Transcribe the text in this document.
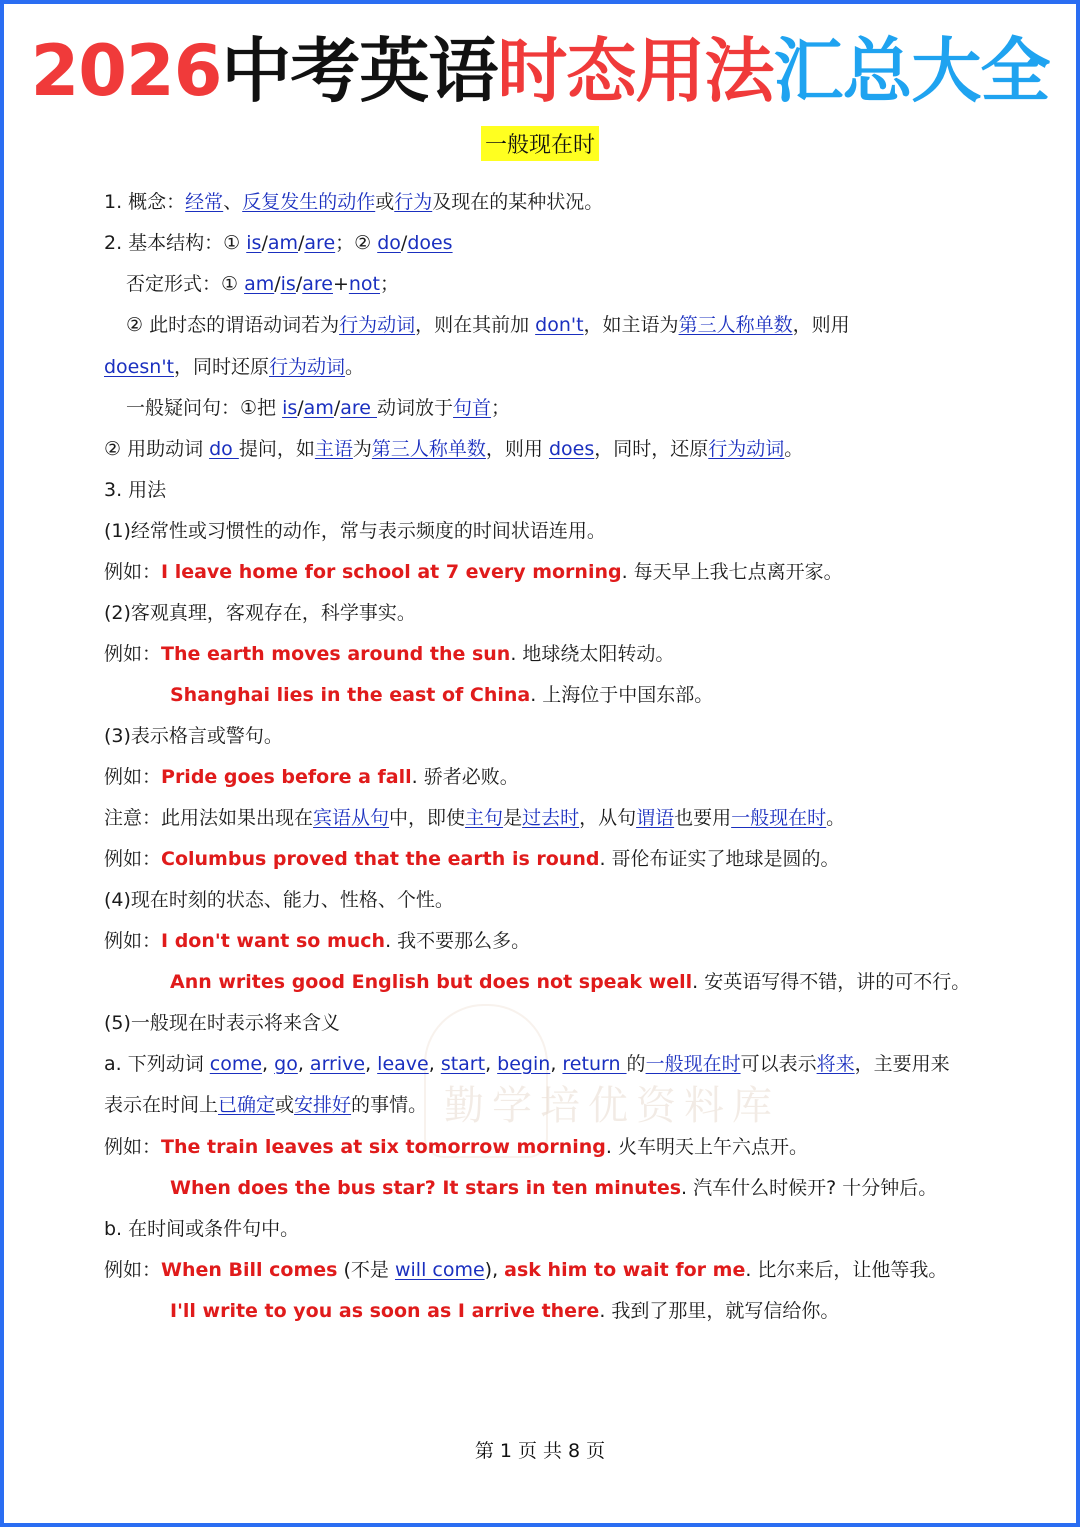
勤学培优资料库
2026中考英语时态用法汇总大全
一般现在时
1. 概念：经常、反复发生的动作或行为及现在的某种状况。
2. 基本结构：① is/am/are；② do/does
否定形式：① am/is/are+not；
② 此时态的谓语动词若为行为动词，则在其前加 don't，如主语为第三人称单数，则用
doesn't，同时还原行为动词。
一般疑问句：①把 is/am/are 动词放于句首；
② 用助动词 do 提问，如主语为第三人称单数，则用 does，同时，还原行为动词。
3. 用法
(1)经常性或习惯性的动作，常与表示频度的时间状语连用。
例如：I leave home for school at 7 every morning. 每天早上我七点离开家。
(2)客观真理，客观存在，科学事实。
例如：The earth moves around the sun. 地球绕太阳转动。
Shanghai lies in the east of China. 上海位于中国东部。
(3)表示格言或警句。
例如：Pride goes before a fall. 骄者必败。
注意：此用法如果出现在宾语从句中，即使主句是过去时，从句谓语也要用一般现在时。
例如：Columbus proved that the earth is round. 哥伦布证实了地球是圆的。
(4)现在时刻的状态、能力、性格、个性。
例如：I don't want so much. 我不要那么多。
Ann writes good English but does not speak well. 安英语写得不错，讲的可不行。
(5)一般现在时表示将来含义
a. 下列动词 come, go, arrive, leave, start, begin, return 的一般现在时可以表示将来，主要用来
表示在时间上已确定或安排好的事情。
例如：The train leaves at six tomorrow morning. 火车明天上午六点开。
When does the bus star? It stars in ten minutes. 汽车什么时候开? 十分钟后。
b. 在时间或条件句中。
例如：When Bill comes (不是 will come), ask him to wait for me. 比尔来后，让他等我。
I'll write to you as soon as I arrive there. 我到了那里，就写信给你。
第 1 页 共 8 页
